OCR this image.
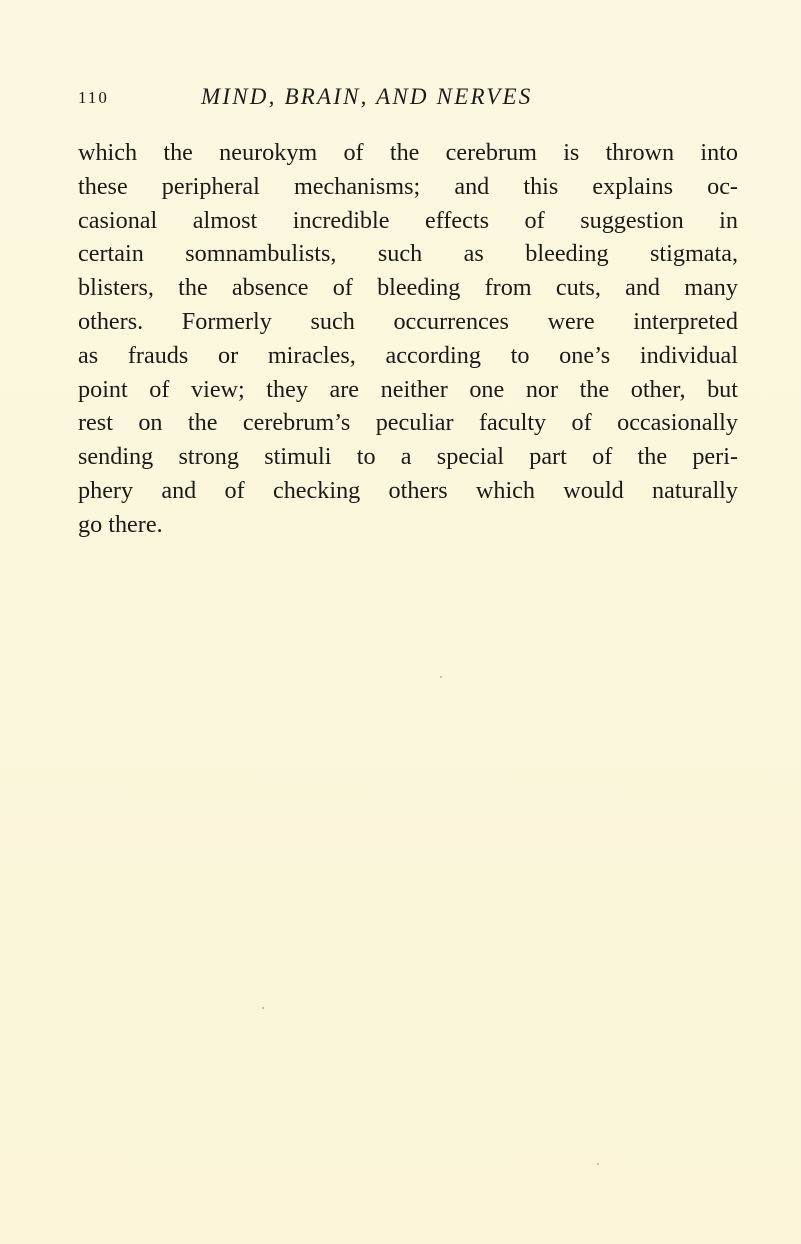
110	MIND, BRAIN, AND NERVES
which the neurokym of the cerebrum is thrown into
these peripheral mechanisms; and this explains oc-
casional almost incredible effects of suggestion in
certain somnambulists, such as bleeding stigmata,
blisters, the absence of bleeding from cuts, and many
others. Formerly such occurrences were interpreted
as frauds or miracles, according to one’s individual
point of view; they are neither one nor the other, but
rest on the cerebrum’s peculiar faculty of occasionally
sending strong stimuli to a special part of the peri-
phery and of checking others which would naturally
go there.
